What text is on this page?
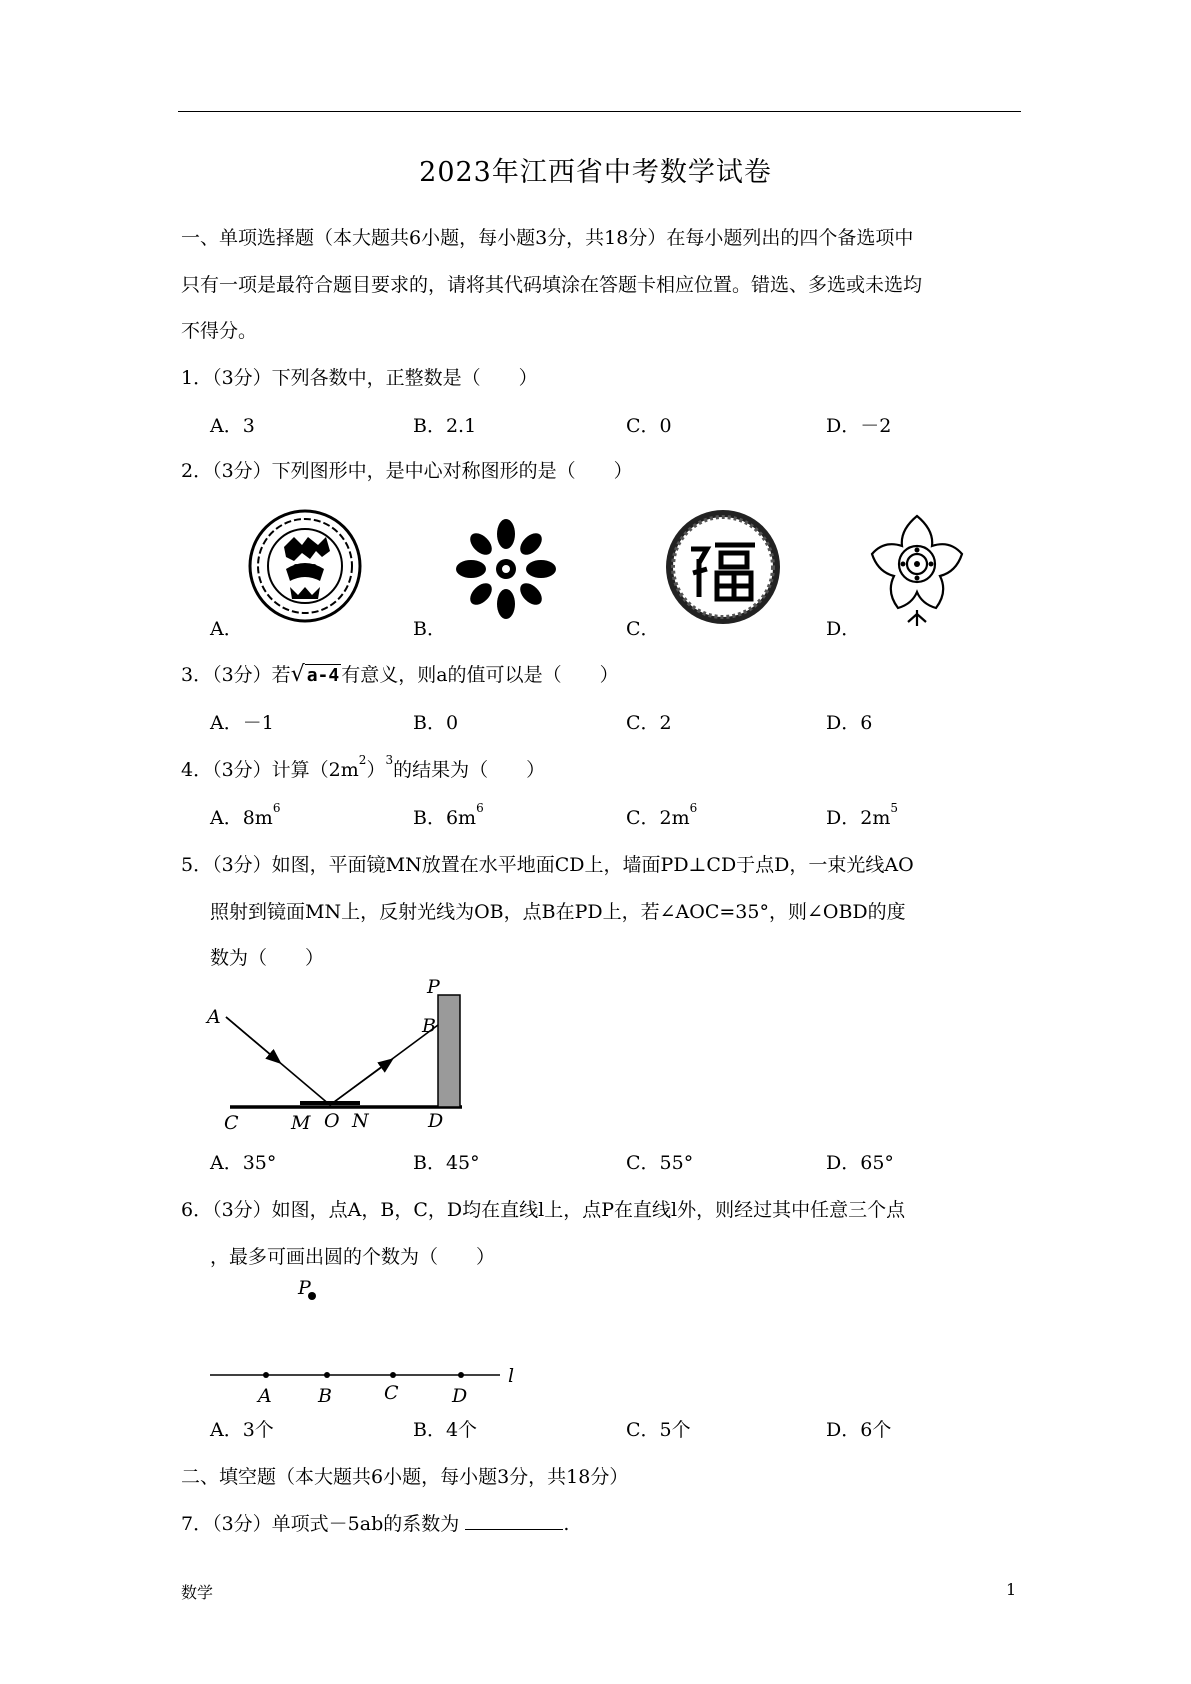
2023年江西省中考数学试卷
一、单项选择题（本大题共6小题，每小题3分，共18分）在每小题列出的四个备选项中
只有一项是最符合题目要求的，请将其代码填涂在答题卡相应位置。错选、多选或未选均
不得分。
1．（3分）下列各数中，正整数是（　　）
A．3	B．2.1	C．0	D．－2
2．（3分）下列图形中，是中心对称图形的是（　　）
A．	B．	C．	D．
3．（3分）若√ a-4 有意义，则a的值可以是（　　）
A．－1	B．0	C．2	D．6
4．（3分）计算$(2m^2)^3$的结果为（　　）
A．$8m^6$	B．$6m^6$	C．$2m^6$	D．$2m^5$
5．（3分）如图，平面镜MN放置在水平地面CD上，墙面PD⊥CD于点D，一束光线AO
照射到镜面MN上，反射光线为OB，点B在PD上，若∠AOC=35°，则∠OBD的度
数为（　　）
P
A	B
C	M O N	D
A．35°	B．45°	C．55°	D．65°
6．（3分）如图，点A，B，C，D均在直线l上，点P在直线l外，则经过其中任意三个点
，最多可画出圆的个数为（　　）
P
A B	C	D
l
A．3个	B．4个	C．5个	D．6个
二、填空题（本大题共6小题，每小题3分，共18分）
7．（3分）单项式－5ab的系数为	.
数学	1
